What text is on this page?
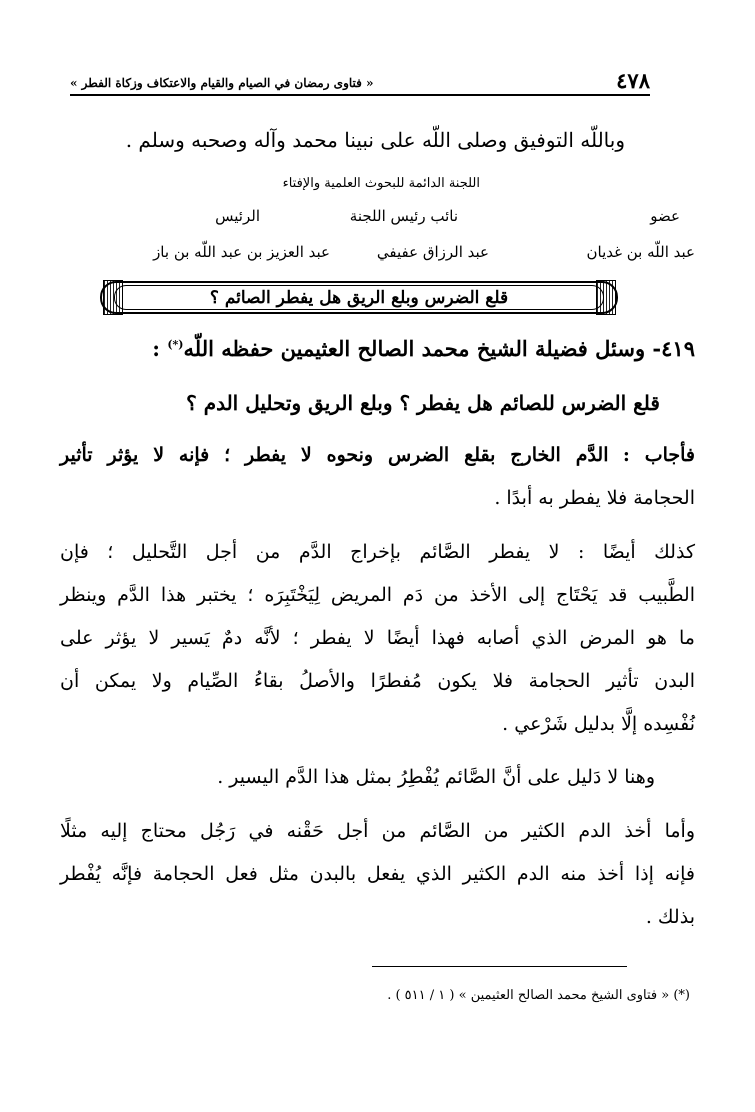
٤٧٨
« فتاوى رمضان في الصيام والقيام والاعتكاف وزكاة الفطر »
وباللّه التوفيق وصلى اللّه على نبينا محمد وآله وصحبه وسلم .
اللجنة الدائمة للبحوث العلمية والإفتاء
عضو
نائب رئيس اللجنة
الرئيس
عبد اللّه بن غديان
عبد الرزاق عفيفي
عبد العزيز بن عبد اللّه بن باز
قلع الضرس وبلع الريق هل يفطر الصائم ؟
٤١٩- وسئل فضيلة الشيخ محمد الصالح العثيمين حفظه اللّه(*) :
قلع الضرس للصائم هل يفطر ؟ وبلع الريق وتحليل الدم ؟
فأجاب : الدَّم الخارج بقلع الضرس ونحوه لا يفطر ؛ فإنه لا يؤثر تأثير
الحجامة فلا يفطر به أبدًا .
كذلك أيضًا : لا يفطر الصَّائم بإخراج الدَّم من أجل التَّحليل ؛ فإن
الطَّبيب قد يَحْتَاج إلى الأخذ من دَم المريض لِيَخْتَبِرَه ؛ يختبر هذا الدَّم وينظر
ما هو المرض الذي أصابه فهذا أيضًا لا يفطر ؛ لأنَّه دمٌ يَسير لا يؤثر على
البدن تأثير الحجامة فلا يكون مُفطرًا والأصلُ بقاءُ الصِّيام ولا يمكن أن
نُفْسِده إلَّا بدليل شَرْعي .
وهنا لا دَليل على أنَّ الصَّائم يُفْطِرُ بمثل هذا الدَّم اليسير .
وأما أخذ الدم الكثير من الصَّائم من أجل حَقْنه في رَجُل محتاج إليه مثلًا
فإنه إذا أخذ منه الدم الكثير الذي يفعل بالبدن مثل فعل الحجامة فإنَّه يُفْطر
بذلك .
(*) « فتاوى الشيخ محمد الصالح العثيمين » ( ١ / ٥١١ ) .
